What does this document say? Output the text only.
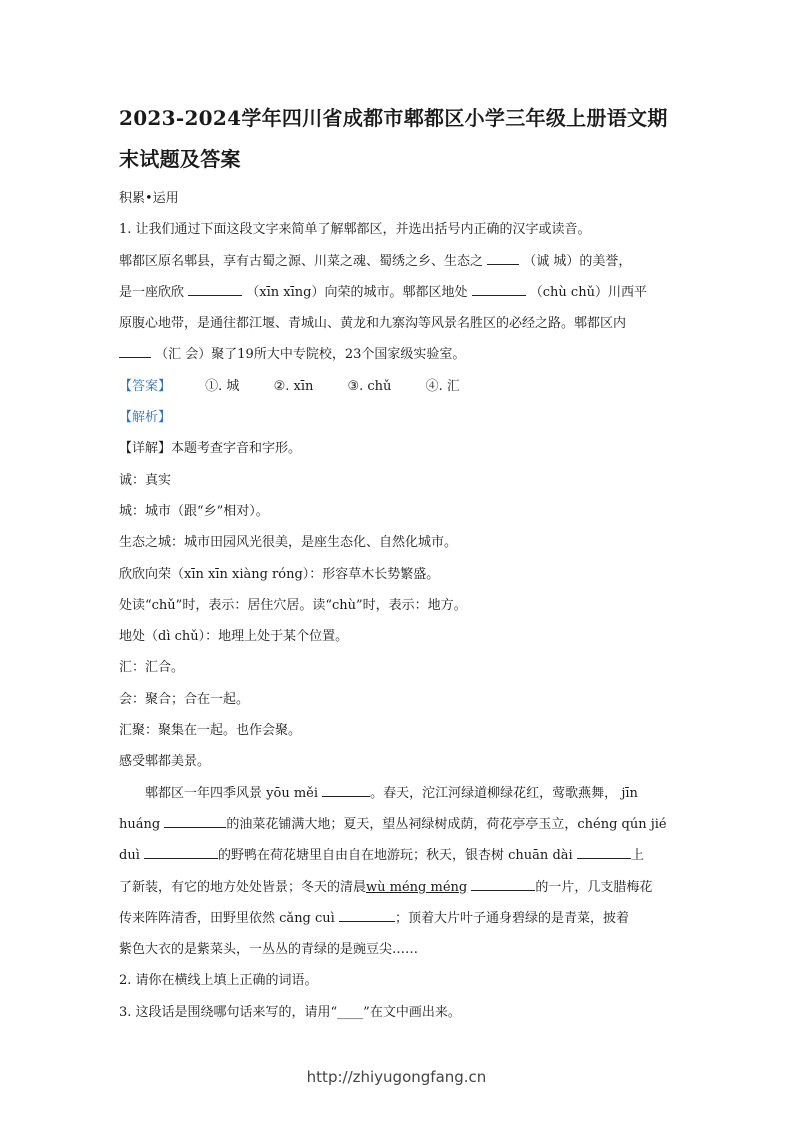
2023-2024学年四川省成都市郫都区小学三年级上册语文期
末试题及答案
积累•运用
1. 让我们通过下面这段文字来简单了解郫都区，并选出括号内正确的汉字或读音。
郫都区原名郫县，享有古蜀之源、川菜之魂、蜀绣之乡、生态之	（诚 城）的美誉，
是一座欣欣	（xīn xīng）向荣的城市。郫都区地处	（chù chǔ）川西平
原腹心地带，是通往都江堰、青城山、黄龙和九寨沟等风景名胜区的必经之路。郫都区内
（汇 会）聚了19所大中专院校，23个国家级实验室。
【答案】	①. 城	②. xīn	③. chǔ	④. 汇
【解析】
【详解】本题考查字音和字形。
诚：真实
城：城市（跟“乡”相对）。
生态之城：城市田园风光很美，是座生态化、自然化城市。
欣欣向荣（xīn xīn xiàng róng）：形容草木长势繁盛。
处读“chǔ”时，表示：居住穴居。读“chù”时，表示：地方。
地处（dì chǔ）：地理上处于某个位置。
汇：汇合。
会：聚合；合在一起。
汇聚：聚集在一起。也作会聚。
感受郫都美景。
郫都区一年四季风景 yōu měi	。春天，沱江河绿道柳绿花红，莺歌燕舞， jīn
huáng	的油菜花铺满大地；夏天，望丛祠绿树成荫，荷花亭亭玉立，chéng qún jié
duì	的野鸭在荷花塘里自由自在地游玩；秋天，银杏树 chuān dài	上
了新装，有它的地方处处皆景；冬天的清晨wù méng méng	的一片，几支腊梅花
传来阵阵清香，田野里依然 cǎng cuì	；顶着大片叶子通身碧绿的是青菜，披着
紫色大衣的是紫菜头，一丛丛的青绿的是豌豆尖……
2. 请你在横线上填上正确的词语。
3. 这段话是围绕哪句话来写的，请用“____”在文中画出来。
http://zhiyugongfang.cn
